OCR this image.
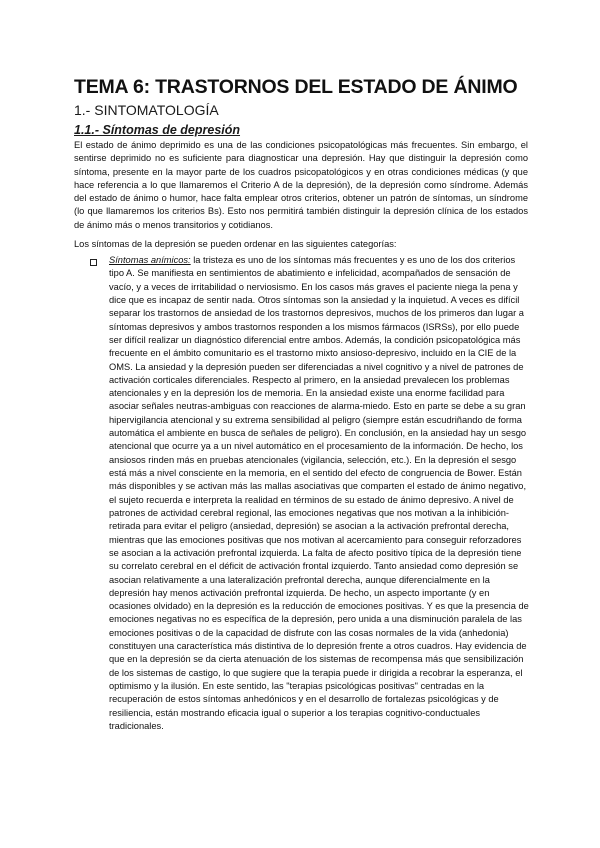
TEMA 6: TRASTORNOS DEL ESTADO DE ÁNIMO
1.- SINTOMATOLOGÍA
1.1.- Síntomas de depresión

El estado de ánimo deprimido es una de las condiciones psicopatológicas más frecuentes. Sin embargo, el sentirse deprimido no es suficiente para diagnosticar una depresión. Hay que distinguir la depresión como síntoma, presente en la mayor parte de los cuadros psicopatológicos y en otras condiciones médicas (y que hace referencia a lo que llamaremos el Criterio A de la depresión), de la depresión como síndrome. Además del estado de ánimo o humor, hace falta emplear otros criterios, obtener un patrón de síntomas, un síndrome (lo que llamaremos los criterios Bs). Esto nos permitirá también distinguir la depresión clínica de los estados de ánimo más o menos transitorios y cotidianos.

Los síntomas de la depresión se pueden ordenar en las siguientes categorías:

Síntomas anímicos: la tristeza es uno de los síntomas más frecuentes y es uno de los dos criterios tipo A. Se manifiesta en sentimientos de abatimiento e infelicidad, acompañados de sensación de vacío, y a veces de irritabilidad o nerviosismo. En los casos más graves el paciente niega la pena y dice que es incapaz de sentir nada. Otros síntomas son la ansiedad y la inquietud. A veces es difícil separar los trastornos de ansiedad de los trastornos depresivos, muchos de los primeros dan lugar a síntomas depresivos y ambos trastornos responden a los mismos fármacos (ISRSs), por ello puede ser difícil realizar un diagnóstico diferencial entre ambos. Además, la condición psicopatológica más frecuente en el ámbito comunitario es el trastorno mixto ansioso-depresivo, incluido en la CIE de la OMS. La ansiedad y la depresión pueden ser diferenciadas a nivel cognitivo y a nivel de patrones de activación corticales diferenciales. Respecto al primero, en la ansiedad prevalecen los problemas atencionales y en la depresión los de memoria. En la ansiedad existe una enorme facilidad para asociar señales neutras-ambiguas con reacciones de alarma-miedo. Esto en parte se debe a su gran hipervigilancia atencional y su extrema sensibilidad al peligro (siempre están escudriñando de forma automática el ambiente en busca de señales de peligro). En conclusión, en la ansiedad hay un sesgo atencional que ocurre ya a un nivel automático en el procesamiento de la información. De hecho, los ansiosos rinden más en pruebas atencionales (vigilancia, selección, etc.). En la depresión el sesgo está más a nivel consciente en la memoria, en el sentido del efecto de congruencia de Bower. Están más disponibles y se activan más las mallas asociativas que comparten el estado de ánimo negativo, el sujeto recuerda e interpreta la realidad en términos de su estado de ánimo depresivo. A nivel de patrones de actividad cerebral regional, las emociones negativas que nos motivan a la inhibición-retirada para evitar el peligro (ansiedad, depresión) se asocian a la activación prefrontal derecha, mientras que las emociones positivas que nos motivan al acercamiento para conseguir reforzadores se asocian a la activación prefrontal izquierda. La falta de afecto positivo típica de la depresión tiene su correlato cerebral en el déficit de activación frontal izquierdo. Tanto ansiedad como depresión se asocian relativamente a una lateralización prefrontal derecha, aunque diferencialmente en la depresión hay menos activación prefrontal izquierda. De hecho, un aspecto importante (y en ocasiones olvidado) en la depresión es la reducción de emociones positivas. Y es que la presencia de emociones negativas no es específica de la depresión, pero unida a una disminución paralela de las emociones positivas o de la capacidad de disfrute con las cosas normales de la vida (anhedonia) constituyen una característica más distintiva de lo depresión frente a otros cuadros. Hay evidencia de que en la depresión se da cierta atenuación de los sistemas de recompensa más que sensibilización de los sistemas de castigo, lo que sugiere que la terapia puede ir dirigida a recobrar la esperanza, el optimismo y la ilusión. En este sentido, las "terapias psicológicas positivas" centradas en la recuperación de estos síntomas anhedónicos y en el desarrollo de fortalezas psicológicas y de resiliencia, están mostrando eficacia igual o superior a los terapias cognitivo-conductuales tradicionales.
